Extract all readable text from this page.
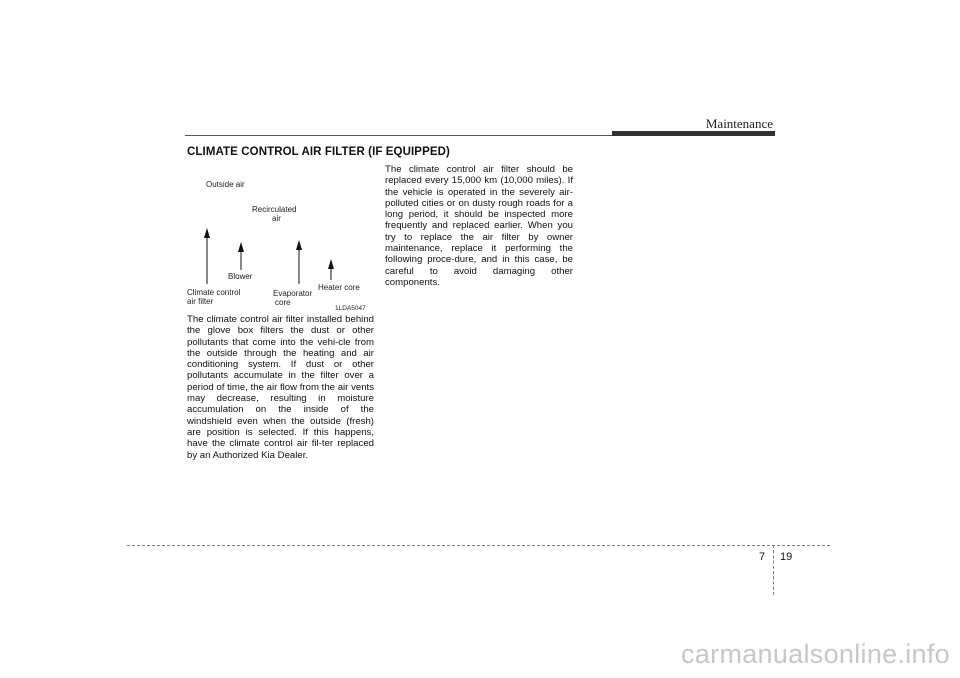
Maintenance
CLIMATE CONTROL AIR FILTER (IF EQUIPPED)
Outside air
Recirculated
air
Blower
Climate control
air filter
Evaporator
core
Heater core
1LDA5047
The climate control air filter installed behind the glove box filters the dust or other pollutants that come into the vehi-cle from the outside through the heating and air conditioning system. If dust or other pollutants accumulate in the filter over a period of time, the air flow from the air vents may decrease, resulting in moisture accumulation on the inside of the windshield even when the outside (fresh) are position is selected. If this happens, have the climate control air fil-ter replaced by an Authorized Kia Dealer.
The climate control air filter should be replaced every 15,000 km (10,000 miles). If the vehicle is operated in the severely air-polluted cities or on dusty rough roads for a long period, it should be inspected more frequently and replaced earlier. When you try to replace the air filter by owner maintenance, replace it performing the following proce-dure, and in this case, be careful to avoid damaging other components.
7 19
carmanualsonline.info
